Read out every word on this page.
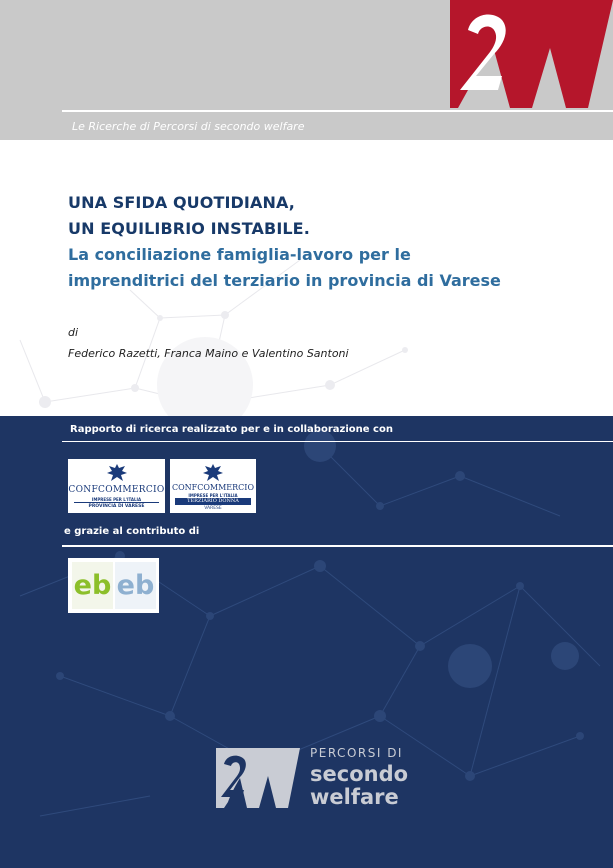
Le Ricerche di Percorsi di secondo welfare
UNA SFIDA QUOTIDIANA,
UN EQUILIBRIO INSTABILE.
La conciliazione famiglia-lavoro per le
imprenditrici del terziario in provincia di Varese
di
Federico Razetti, Franca Maino e Valentino Santoni
Rapporto di ricerca realizzato per e in collaborazione con
CONFCOMMERCIO
IMPRESE PER L'ITALIA
PROVINCIA DI VARESE
CONFCOMMERCIO
IMPRESE PER L'ITALIA
TERZIARIO DONNA
VARESE
e grazie al contributo di
eb eb
PERCORSI DI
secondo
welfare
